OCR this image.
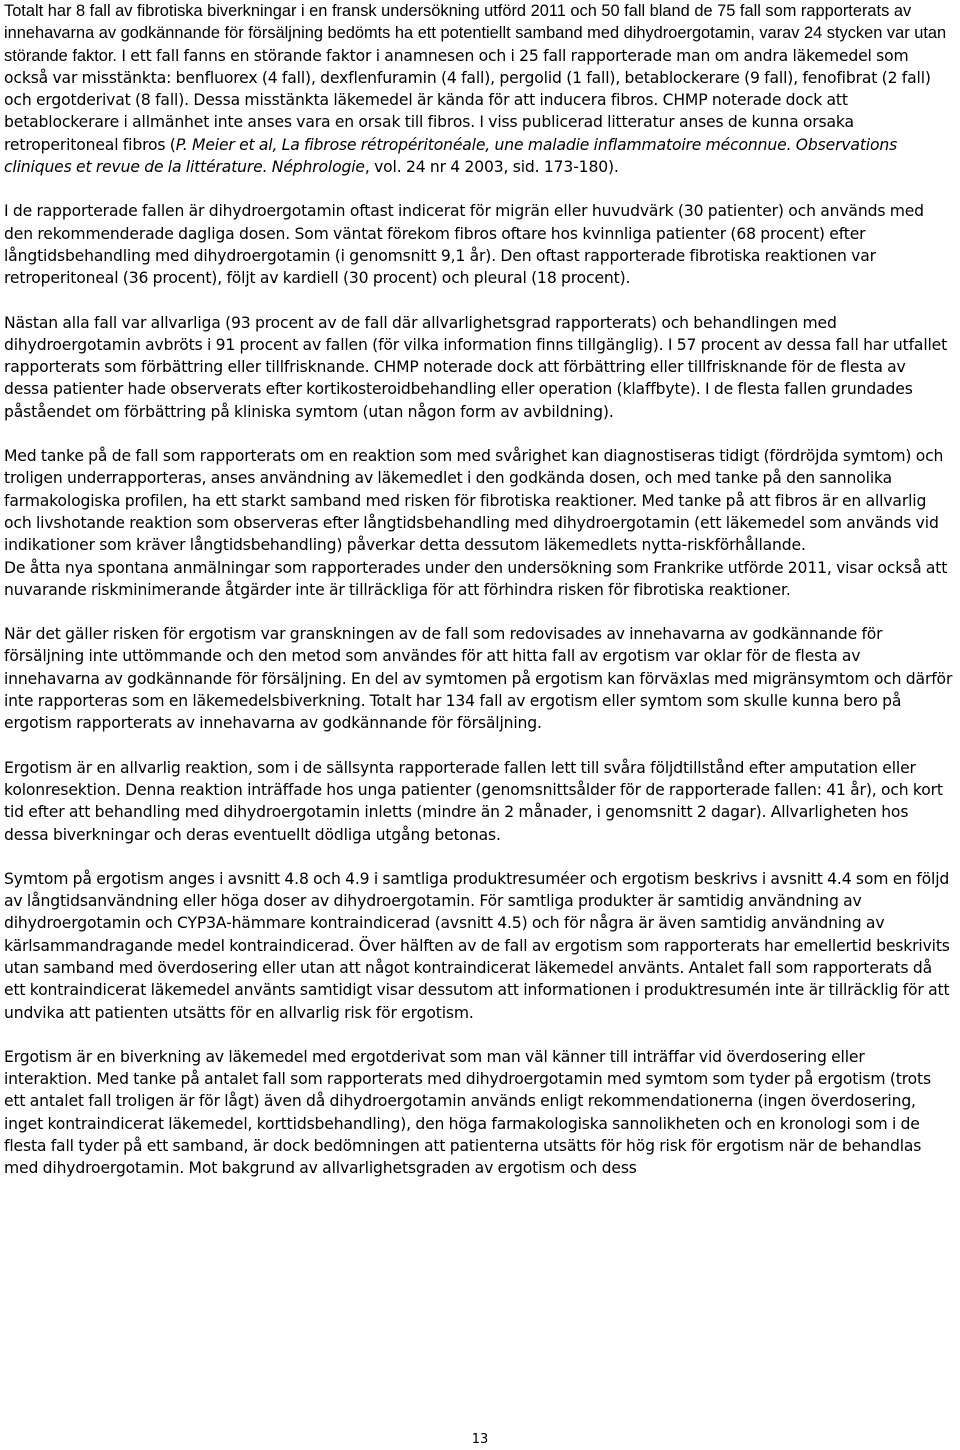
Totalt har 8 fall av fibrotiska biverkningar i en fransk undersökning utförd 2011 och 50 fall bland de 75 fall som rapporterats av innehavarna av godkännande för försäljning bedömts ha ett potentiellt samband med dihydroergotamin, varav 24 stycken var utan störande faktor. I ett fall fanns en störande faktor i anamnesen och i 25 fall rapporterade man om andra läkemedel som också var misstänkta: benfluorex (4 fall), dexflenfuramin (4 fall), pergolid (1 fall), betablockerare (9 fall), fenofibrat (2 fall) och ergotderivat (8 fall). Dessa misstänkta läkemedel är kända för att inducera fibros. CHMP noterade dock att betablockerare i allmänhet inte anses vara en orsak till fibros. I viss publicerad litteratur anses de kunna orsaka retroperitoneal fibros (P. Meier et al, La fibrose rétropéritonéale, une maladie inflammatoire méconnue. Observations cliniques et revue de la littérature. Néphrologie, vol. 24 nr 4 2003, sid. 173-180).

I de rapporterade fallen är dihydroergotamin oftast indicerat för migrän eller huvudvärk (30 patienter) och används med den rekommenderade dagliga dosen. Som väntat förekom fibros oftare hos kvinnliga patienter (68 procent) efter långtidsbehandling med dihydroergotamin (i genomsnitt 9,1 år). Den oftast rapporterade fibrotiska reaktionen var retroperitoneal (36 procent), följt av kardiell (30 procent) och pleural (18 procent).

Nästan alla fall var allvarliga (93 procent av de fall där allvarlighetsgrad rapporterats) och behandlingen med dihydroergotamin avbröts i 91 procent av fallen (för vilka information finns tillgänglig). I 57 procent av dessa fall har utfallet rapporterats som förbättring eller tillfrisknande. CHMP noterade dock att förbättring eller tillfrisknande för de flesta av dessa patienter hade observerats efter kortikosteroidbehandling eller operation (klaffbyte). I de flesta fallen grundades påståendet om förbättring på kliniska symtom (utan någon form av avbildning).

Med tanke på de fall som rapporterats om en reaktion som med svårighet kan diagnostiseras tidigt (fördröjda symtom) och troligen underrapporteras, anses användning av läkemedlet i den godkända dosen, och med tanke på den sannolika farmakologiska profilen, ha ett starkt samband med risken för fibrotiska reaktioner. Med tanke på att fibros är en allvarlig och livshotande reaktion som observeras efter långtidsbehandling med dihydroergotamin (ett läkemedel som används vid indikationer som kräver långtidsbehandling) påverkar detta dessutom läkemedlets nytta-riskförhållande.

De åtta nya spontana anmälningar som rapporterades under den undersökning som Frankrike utförde 2011, visar också att nuvarande riskminimerande åtgärder inte är tillräckliga för att förhindra risken för fibrotiska reaktioner.

När det gäller risken för ergotism var granskningen av de fall som redovisades av innehavarna av godkännande för försäljning inte uttömmande och den metod som användes för att hitta fall av ergotism var oklar för de flesta av innehavarna av godkännande för försäljning. En del av symtomen på ergotism kan förväxlas med migränsymtom och därför inte rapporteras som en läkemedelsbiverkning. Totalt har 134 fall av ergotism eller symtom som skulle kunna bero på ergotism rapporterats av innehavarna av godkännande för försäljning.

Ergotism är en allvarlig reaktion, som i de sällsynta rapporterade fallen lett till svåra följdtillstånd efter amputation eller kolonresektion. Denna reaktion inträffade hos unga patienter (genomsnittsålder för de rapporterade fallen: 41 år), och kort tid efter att behandling med dihydroergotamin inletts (mindre än 2 månader, i genomsnitt 2 dagar). Allvarligheten hos dessa biverkningar och deras eventuellt dödliga utgång betonas.

Symtom på ergotism anges i avsnitt 4.8 och 4.9 i samtliga produktresuméer och ergotism beskrivs i avsnitt 4.4 som en följd av långtidsanvändning eller höga doser av dihydroergotamin. För samtliga produkter är samtidig användning av dihydroergotamin och CYP3A-hämmare kontraindicerad (avsnitt 4.5) och för några är även samtidig användning av kärlsammandragande medel kontraindicerad. Över hälften av de fall av ergotism som rapporterats har emellertid beskrivits utan samband med överdosering eller utan att något kontraindicerat läkemedel använts. Antalet fall som rapporterats då ett kontraindicerat läkemedel använts samtidigt visar dessutom att informationen i produktresumén inte är tillräcklig för att undvika att patienten utsätts för en allvarlig risk för ergotism.

Ergotism är en biverkning av läkemedel med ergotderivat som man väl känner till inträffar vid överdosering eller interaktion. Med tanke på antalet fall som rapporterats med dihydroergotamin med symtom som tyder på ergotism (trots ett antalet fall troligen är för lågt) även då dihydroergotamin används enligt rekommendationerna (ingen överdosering, inget kontraindicerat läkemedel, korttidsbehandling), den höga farmakologiska sannolikheten och en kronologi som i de flesta fall tyder på ett samband, är dock bedömningen att patienterna utsätts för hög risk för ergotism när de behandlas med dihydroergotamin. Mot bakgrund av allvarlighetsgraden av ergotism och dess

13
